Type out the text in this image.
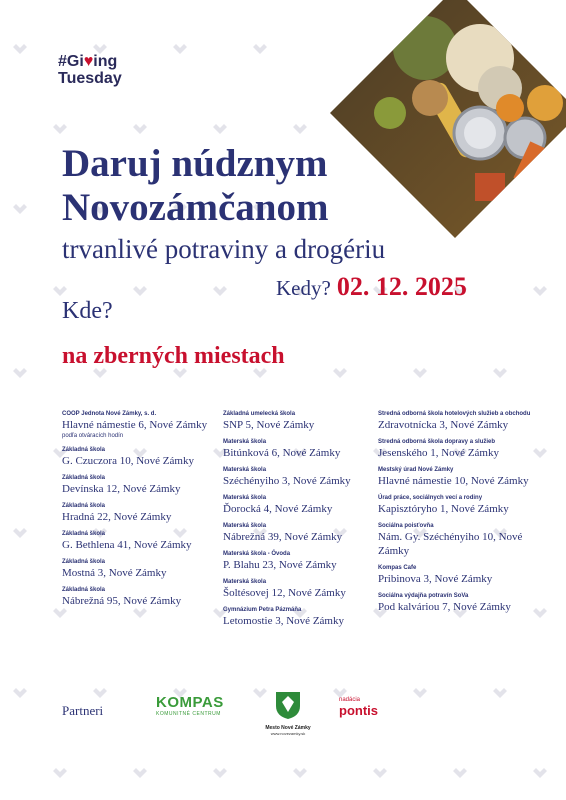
#Gi♥ing
Tuesday
Daruj núdznym
Novozámčanom
trvanlivé potraviny a drogériu
Kedy? 02. 12. 2025
Kde?
na zberných miestach
COOP Jednota Nové Zámky, s. d.
Hlavné námestie 6, Nové Zámky
podľa otváracích hodín
Základná škola
G. Czuczora 10, Nové Zámky
Základná škola
Devínska 12, Nové Zámky
Základná škola
Hradná 22, Nové Zámky
Základná škola
G. Bethlena 41, Nové Zámky
Základná škola
Mostná 3, Nové Zámky
Základná škola
Nábrežná 95, Nové Zámky
Základná umelecká škola
SNP 5, Nové Zámky
Materská škola
Bitúnková 6, Nové Zámky
Materská škola
Széchényiho 3, Nové Zámky
Materská škola
Ďorocká 4, Nové Zámky
Materská škola
Nábrežná 39, Nové Zámky
Materská škola - Óvoda
P. Blahu 23, Nové Zámky
Materská škola
Šoltésovej 12, Nové Zámky
Gymnázium Petra Pázmáňa
Letomostie 3, Nové Zámky
Stredná odborná škola hotelových služieb a obchodu
Zdravotnícka 3, Nové Zámky
Stredná odborná škola dopravy a služieb
Jesenského 1, Nové Zámky
Mestský úrad Nové Zámky
Hlavné námestie 10, Nové Zámky
Úrad práce, sociálnych vecí a rodiny
Kapisztóryho 1, Nové Zámky
Sociálna poisťovňa
Nám. Gy. Széchényiho 10, Nové Zámky
Kompas Cafe
Pribinova 3, Nové Zámky
Sociálna výdajňa potravín SoVa
Pod kalváriou 7, Nové Zámky
Partneri	KOMPAS
KOMUNITNÉ CENTRUM
Mesto Nové Zámky
www.novezamky.sk
nadácia
pontis
